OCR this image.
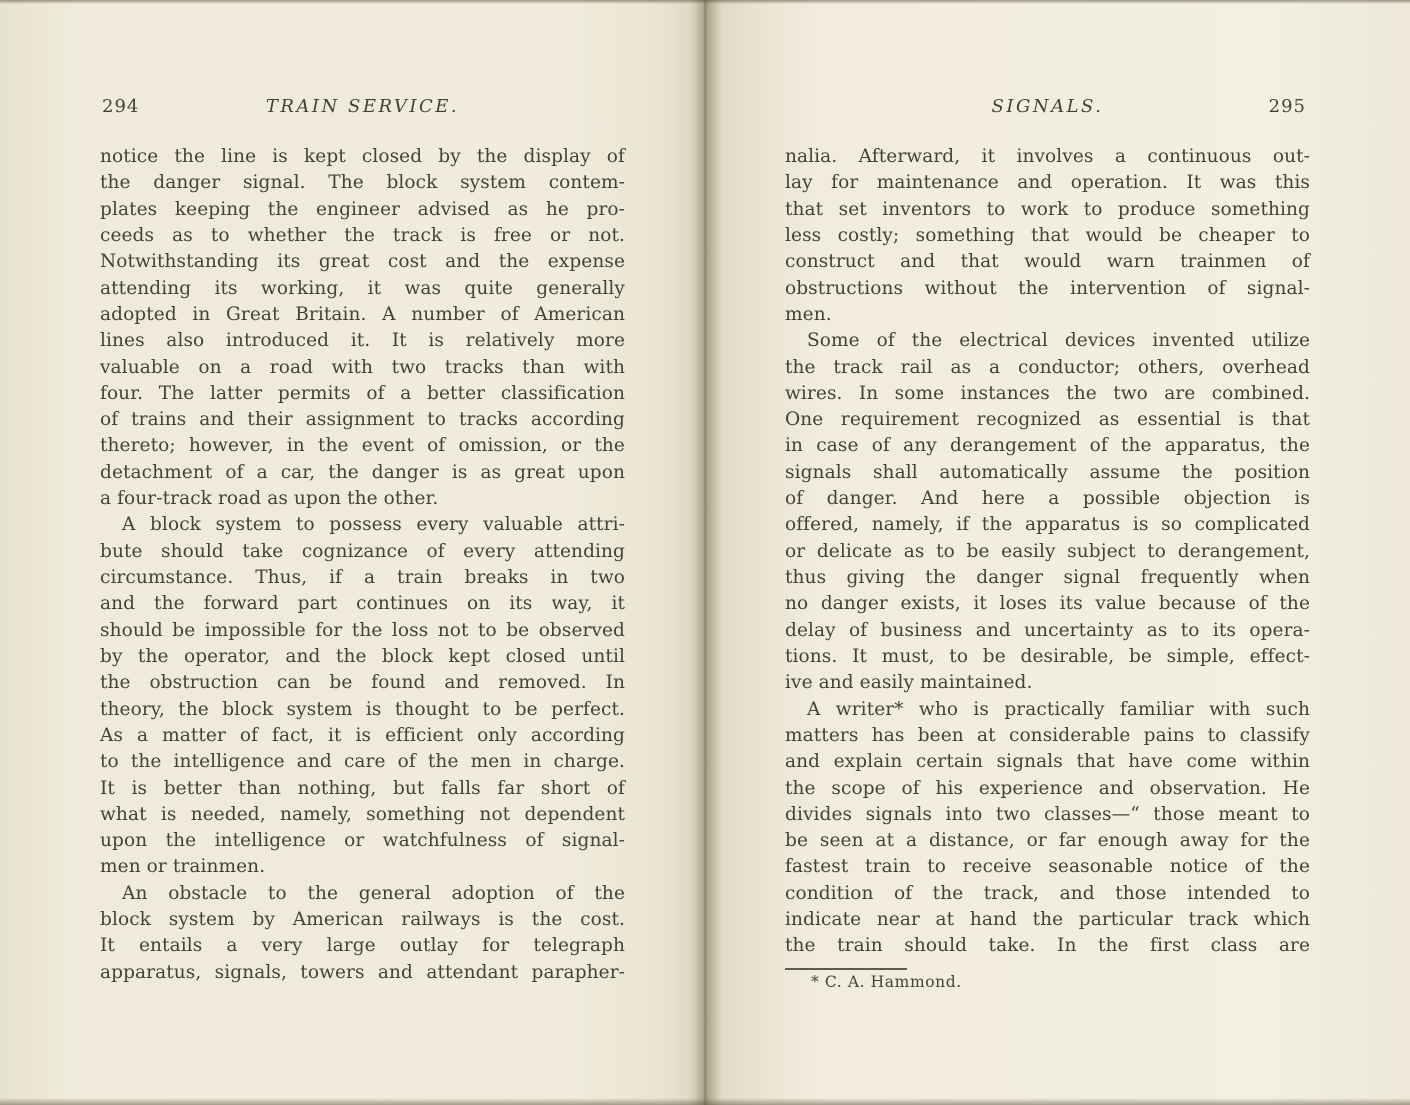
294	TRAIN SERVICE.
notice the line is kept closed by the display of
the danger signal. The block system contem-
plates keeping the engineer advised as he pro-
ceeds as to whether the track is free or not.
Notwithstanding its great cost and the expense
attending its working, it was quite generally
adopted in Great Britain. A number of American
lines also introduced it. It is relatively more
valuable on a road with two tracks than with
four. The latter permits of a better classification
of trains and their assignment to tracks according
thereto; however, in the event of omission, or the
detachment of a car, the danger is as great upon
a four-track road as upon the other.
A block system to possess every valuable attri-
bute should take cognizance of every attending
circumstance. Thus, if a train breaks in two
and the forward part continues on its way, it
should be impossible for the loss not to be observed
by the operator, and the block kept closed until
the obstruction can be found and removed. In
theory, the block system is thought to be perfect.
As a matter of fact, it is efficient only according
to the intelligence and care of the men in charge.
It is better than nothing, but falls far short of
what is needed, namely, something not dependent
upon the intelligence or watchfulness of signal-
men or trainmen.
An obstacle to the general adoption of the
block system by American railways is the cost.
It entails a very large outlay for telegraph
apparatus, signals, towers and attendant parapher-
SIGNALS.	295
nalia. Afterward, it involves a continuous out-
lay for maintenance and operation. It was this
that set inventors to work to produce something
less costly; something that would be cheaper to
construct and that would warn trainmen of
obstructions without the intervention of signal-
men.
Some of the electrical devices invented utilize
the track rail as a conductor; others, overhead
wires. In some instances the two are combined.
One requirement recognized as essential is that
in case of any derangement of the apparatus, the
signals shall automatically assume the position
of danger. And here a possible objection is
offered, namely, if the apparatus is so complicated
or delicate as to be easily subject to derangement,
thus giving the danger signal frequently when
no danger exists, it loses its value because of the
delay of business and uncertainty as to its opera-
tions. It must, to be desirable, be simple, effect-
ive and easily maintained.
A writer* who is practically familiar with such
matters has been at considerable pains to classify
and explain certain signals that have come within
the scope of his experience and observation. He
divides signals into two classes—“ those meant to
be seen at a distance, or far enough away for the
fastest train to receive seasonable notice of the
condition of the track, and those intended to
indicate near at hand the particular track which
the train should take. In the first class are
* C. A. Hammond.
